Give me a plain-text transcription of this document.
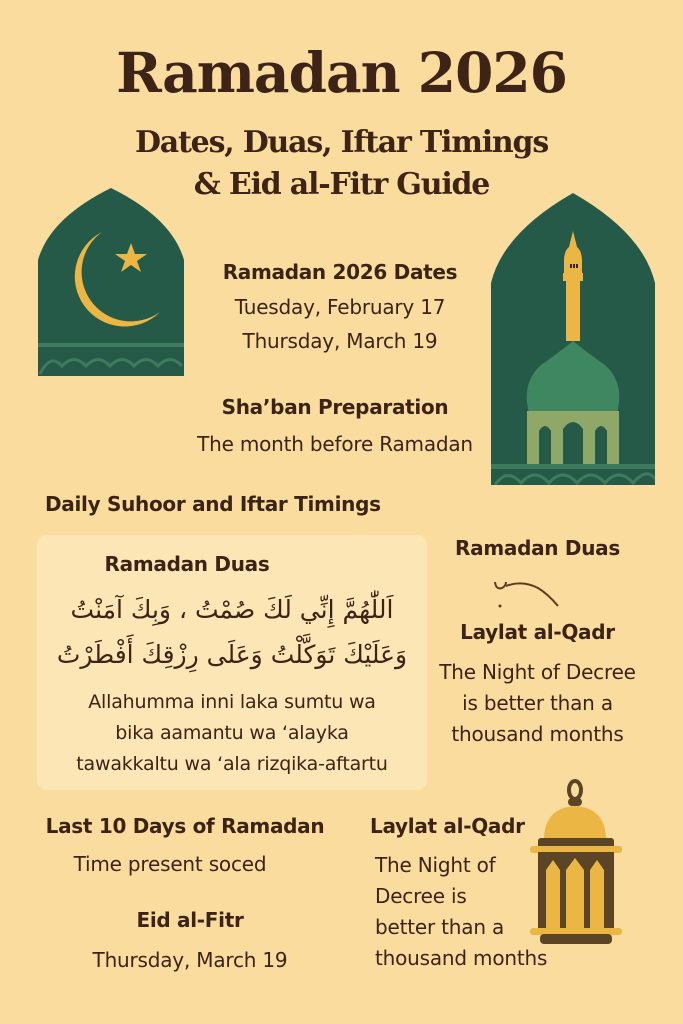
Ramadan 2026
Dates, Duas, Iftar Timings
& Eid al-Fitr Guide
Ramadan 2026 Dates
Tuesday, February 17
Thursday, March 19
Sha’ban Preparation
The month before Ramadan
Daily Suhoor and Iftar Timings
Ramadan Duas
اَللّٰهُمَّ إِنِّي لَكَ صُمْتُ ، وَبِكَ آمَنْتُ
وَعَلَيْكَ تَوَكَّلْتُ وَعَلَى رِزْقِكَ أَفْطَرْتُ
Allahumma inni laka sumtu wa
bika aamantu wa ‘alayka
tawakkaltu wa ‘ala rizqika-aftartu
Ramadan Duas
Laylat al-Qadr
The Night of Decree
is better than a
thousand months
Last 10 Days of Ramadan
Time present soced
Eid al-Fitr
Thursday, March 19
Laylat al-Qadr
The Night of
Decree is
better than a
thousand months
